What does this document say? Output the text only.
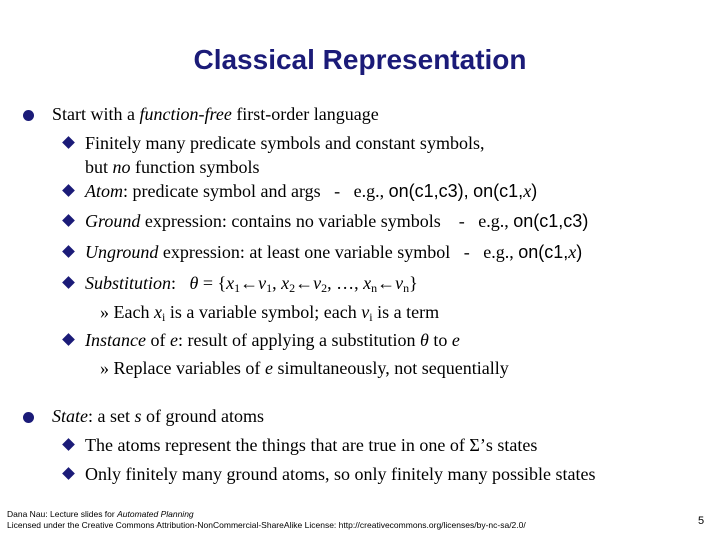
Classical Representation
Start with a function-free first-order language
Finitely many predicate symbols and constant symbols,
but no function symbols
Atom: predicate symbol and args   -   e.g., on(c1,c3), on(c1,x)
Ground expression: contains no variable symbols    -   e.g., on(c1,c3)
Unground expression: at least one variable symbol   -   e.g., on(c1,x)
Substitution:   $\theta = \{x_1\leftarrow v_1$, $x_2\leftarrow v_2$, …, $x_n\leftarrow v_n$}
» Each $x_i$ is a variable symbol; each $v_i$ is a term
Instance of e: result of applying a substitution θ to e
» Replace variables of e simultaneously, not sequentially
State: a set s of ground atoms
The atoms represent the things that are true in one of Σ’s states
Only finitely many ground atoms, so only finitely many possible states
Dana Nau: Lecture slides for Automated Planning
Licensed under the Creative Commons Attribution-NonCommercial-ShareAlike License: http://creativecommons.org/licenses/by-nc-sa/2.0/	5
